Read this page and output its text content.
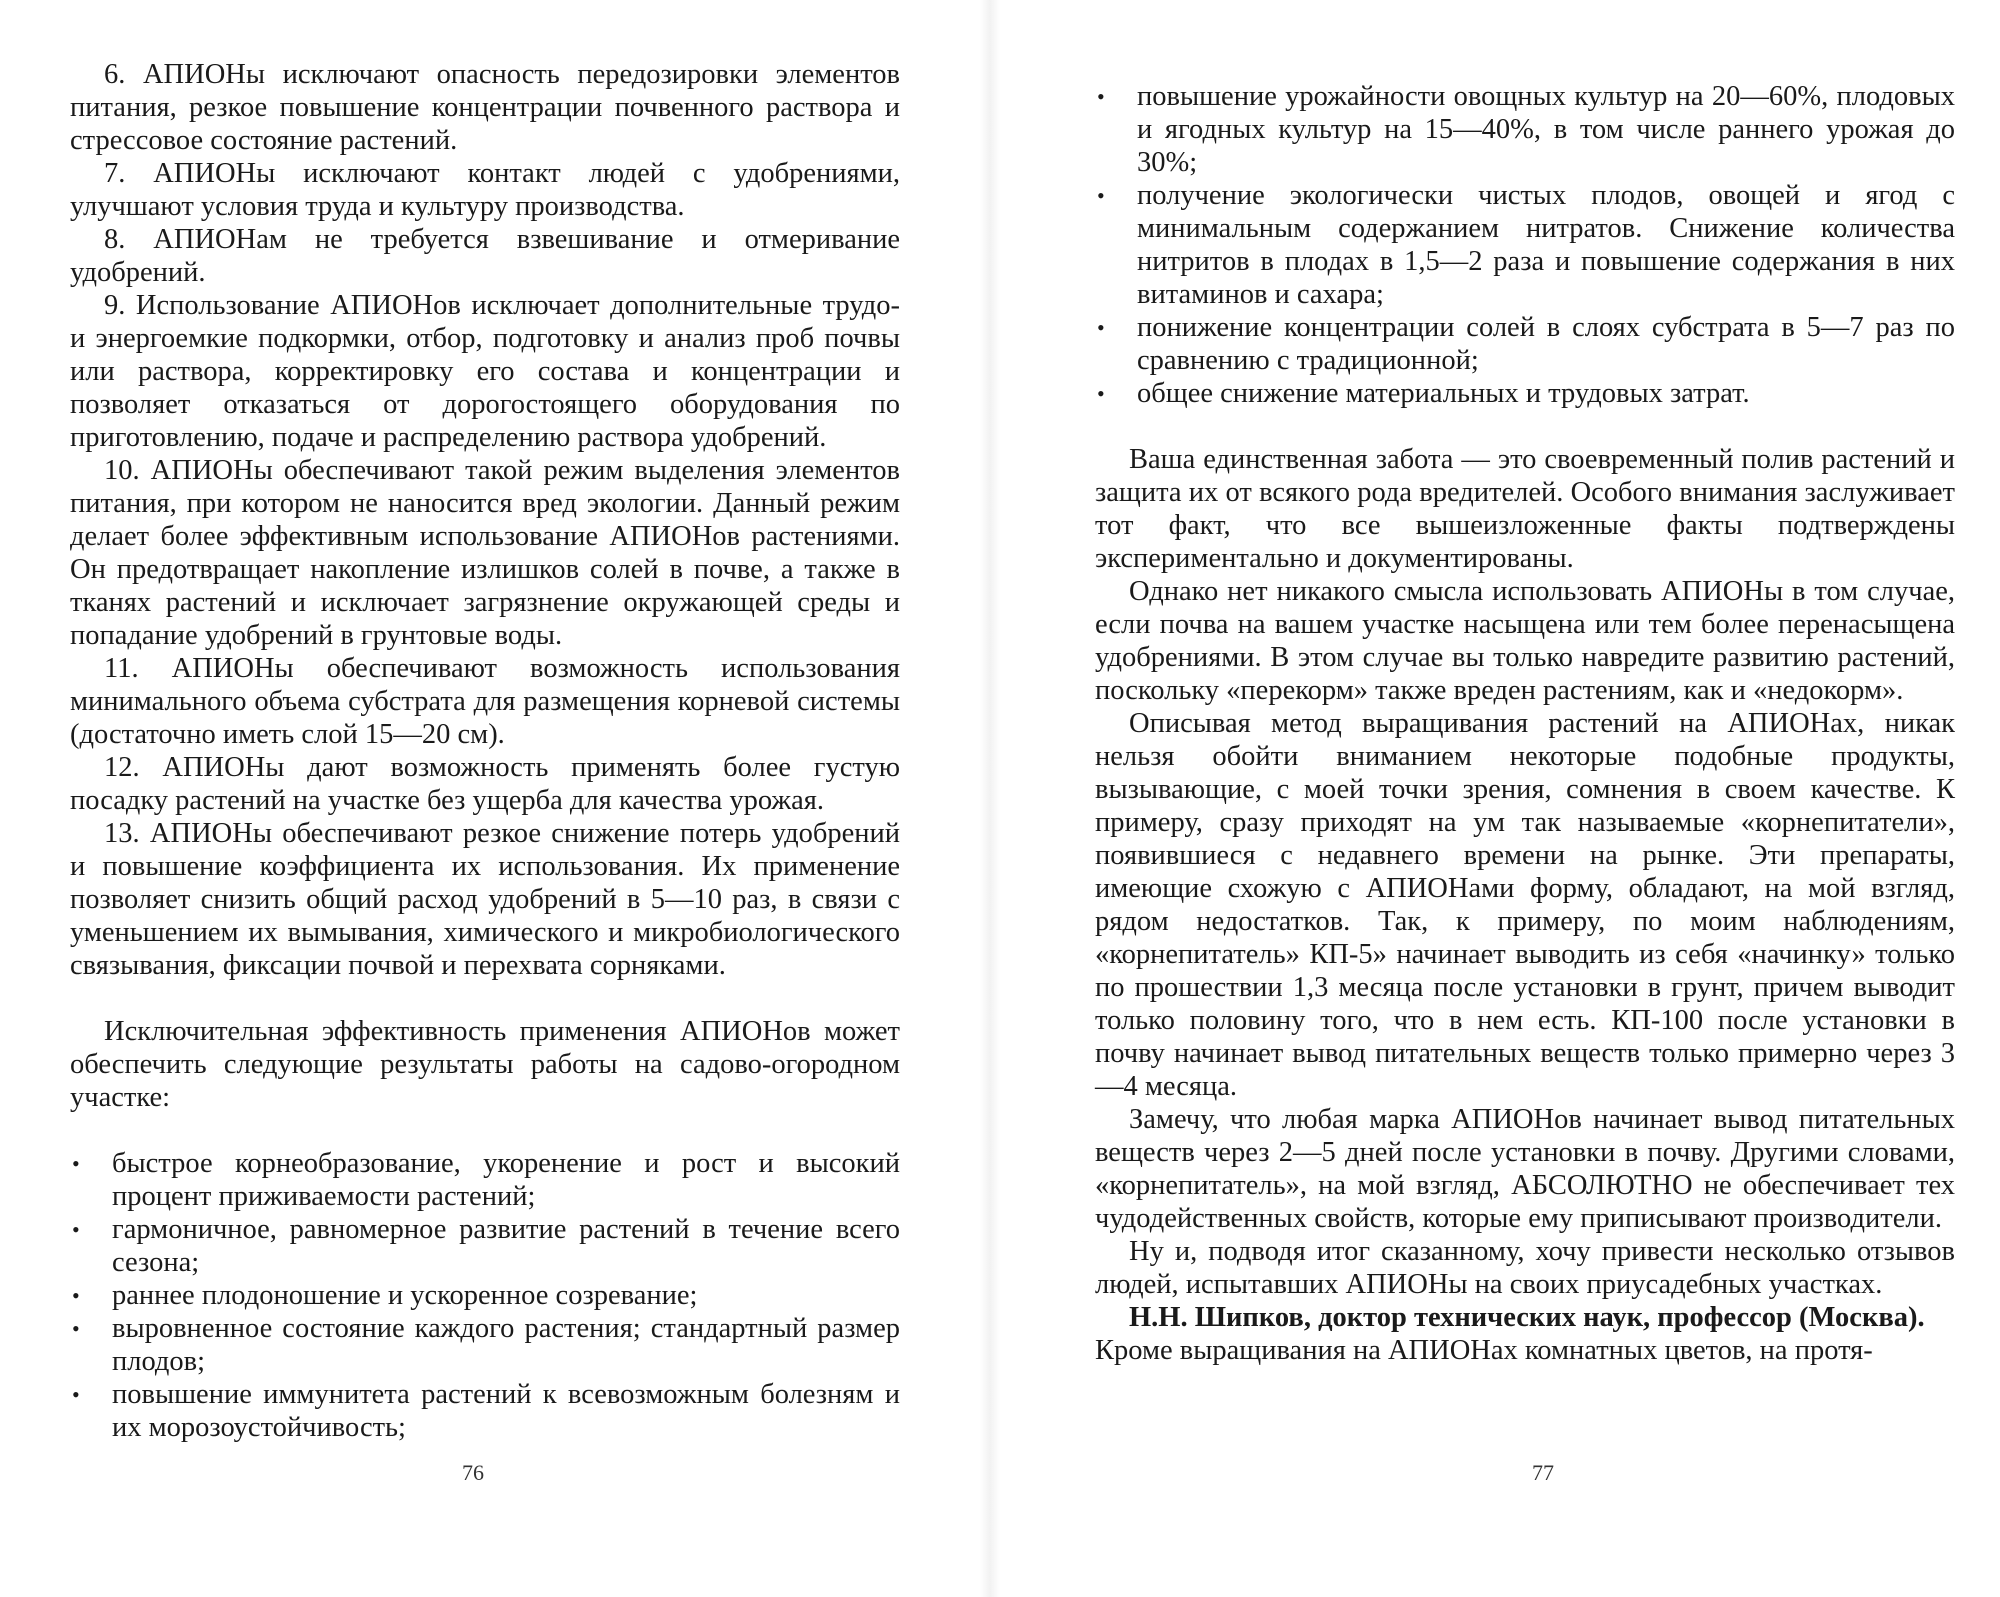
6. АПИОНы исключают опасность передозировки элементов питания, резкое повышение концентрации почвенного раствора и стрессовое состояние растений.

7. АПИОНы исключают контакт людей с удобрениями, улучшают условия труда и культуру производства.

8. АПИОНам не требуется взвешивание и отмеривание удобрений.

9. Использование АПИОНов исключает дополнительные трудо- и энергоемкие подкормки, отбор, подготовку и анализ проб почвы или раствора, корректировку его состава и концентрации и позволяет отказаться от дорогостоящего оборудования по приготовлению, подаче и распределению раствора удобрений.

10. АПИОНы обеспечивают такой режим выделения элементов питания, при котором не наносится вред экологии. Данный режим делает более эффективным использование АПИОНов растениями. Он предотвращает накопление излишков солей в почве, а также в тканях растений и исключает загрязнение окружающей среды и попадание удобрений в грунтовые воды.

11. АПИОНы обеспечивают возможность использования минимального объема субстрата для размещения корневой системы (достаточно иметь слой 15—20 см).

12. АПИОНы дают возможность применять более густую посадку растений на участке без ущерба для качества урожая.

13. АПИОНы обеспечивают резкое снижение потерь удобрений и повышение коэффициента их использования. Их применение позволяет снизить общий расход удобрений в 5—10 раз, в связи с уменьшением их вымывания, химического и микробиологического связывания, фиксации почвой и перехвата сорняками.

Исключительная эффективность применения АПИОНов может обеспечить следующие результаты работы на садово-огородном участке:

• быстрое корнеобразование, укоренение и рост и высокий процент приживаемости растений;
• гармоничное, равномерное развитие растений в течение всего сезона;
• раннее плодоношение и ускоренное созревание;
• выровненное состояние каждого растения; стандартный размер плодов;
• повышение иммунитета растений к всевозможным болезням и их морозоустойчивость;
76
• повышение урожайности овощных культур на 20—60%, плодовых и ягодных культур на 15—40%, в том числе раннего урожая до 30%;
• получение экологически чистых плодов, овощей и ягод с минимальным содержанием нитратов. Снижение количества нитритов в плодах в 1,5—2 раза и повышение содержания в них витаминов и сахара;
• понижение концентрации солей в слоях субстрата в 5—7 раз по сравнению с традиционной;
• общее снижение материальных и трудовых затрат.

Ваша единственная забота — это своевременный полив растений и защита их от всякого рода вредителей. Особого внимания заслуживает тот факт, что все вышеизложенные факты подтверждены экспериментально и документированы.

Однако нет никакого смысла использовать АПИОНы в том случае, если почва на вашем участке насыщена или тем более перенасыщена удобрениями. В этом случае вы только навредите развитию растений, поскольку «перекорм» также вреден растениям, как и «недокорм».

Описывая метод выращивания растений на АПИОНах, никак нельзя обойти вниманием некоторые подобные продукты, вызывающие, с моей точки зрения, сомнения в своем качестве. К примеру, сразу приходят на ум так называемые «корнепитатели», появившиеся с недавнего времени на рынке. Эти препараты, имеющие схожую с АПИОНами форму, обладают, на мой взгляд, рядом недостатков. Так, к примеру, по моим наблюдениям, «корнепитатель» КП-5» начинает выводить из себя «начинку» только по прошествии 1,3 месяца после установки в грунт, причем выводит только половину того, что в нем есть. КП-100 после установки в почву начинает вывод питательных веществ только примерно через 3—4 месяца.

Замечу, что любая марка АПИОНов начинает вывод питательных веществ через 2—5 дней после установки в почву. Другими словами, «корнепитатель», на мой взгляд, АБСОЛЮТНО не обеспечивает тех чудодейственных свойств, которые ему приписывают производители.

Ну и, подводя итог сказанному, хочу привести несколько отзывов людей, испытавших АПИОНы на своих приусадебных участках.

Н.Н. Шипков, доктор технических наук, профессор (Москва).

Кроме выращивания на АПИОНах комнатных цветов, на протя-

77
